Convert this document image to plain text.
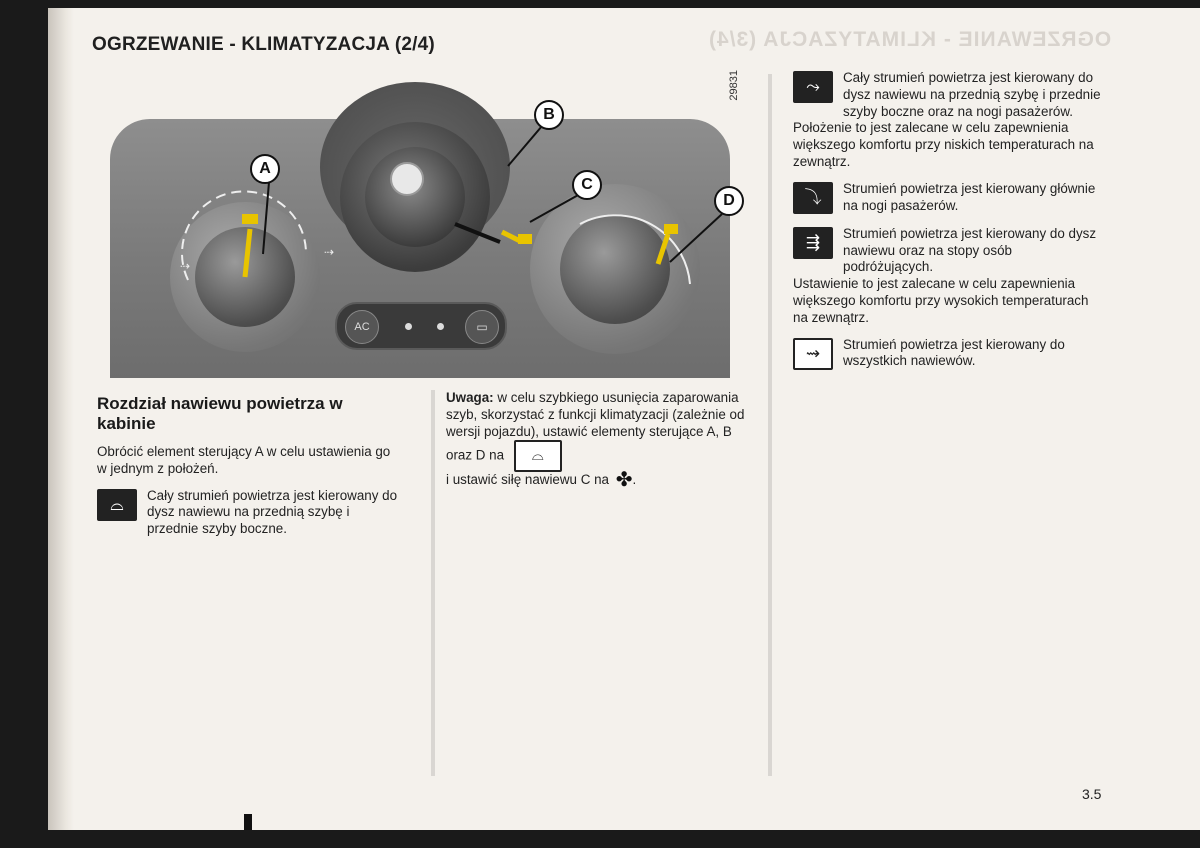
OGRZEWANIE - KLIMATYZACJA (3/4)
OGRZEWANIE - KLIMATYZACJA (2/4)
⇢
⇢
A
B
C
D
AC	▭
29831
Rozdział nawiewu powietrza w kabinie

Obrócić element sterujący A w celu ustawienia go w jednym z położeń.

⌓	Cały strumień powietrza jest kierowany do dysz nawiewu na przednią szybę i przednie szyby boczne.

Uwaga: w celu szybkiego usunięcia zaparowania szyb, skorzystać z funkcji klimatyzacji (zależnie od wersji pojazdu), ustawić elementy sterujące A, B oraz D na	⌓

i ustawić siłę nawiewu C na ✤.

⤳	Cały strumień powietrza jest kierowany do dysz nawiewu na przednią szybę i przednie szyby boczne oraz na nogi pasażerów.

Położenie to jest zalecane w celu zapewnienia większego komfortu przy niskich temperaturach na zewnątrz.

⤵	Strumień powietrza jest kierowany głównie na nogi pasażerów.

⇶	Strumień powietrza jest kierowany do dysz nawiewu oraz na stopy osób podróżujących.

Ustawienie to jest zalecane w celu zapewnienia większego komfortu przy wysokich temperaturach na zewnątrz.

⇝	Strumień powietrza jest kierowany do wszystkich nawiewów.

3.5
